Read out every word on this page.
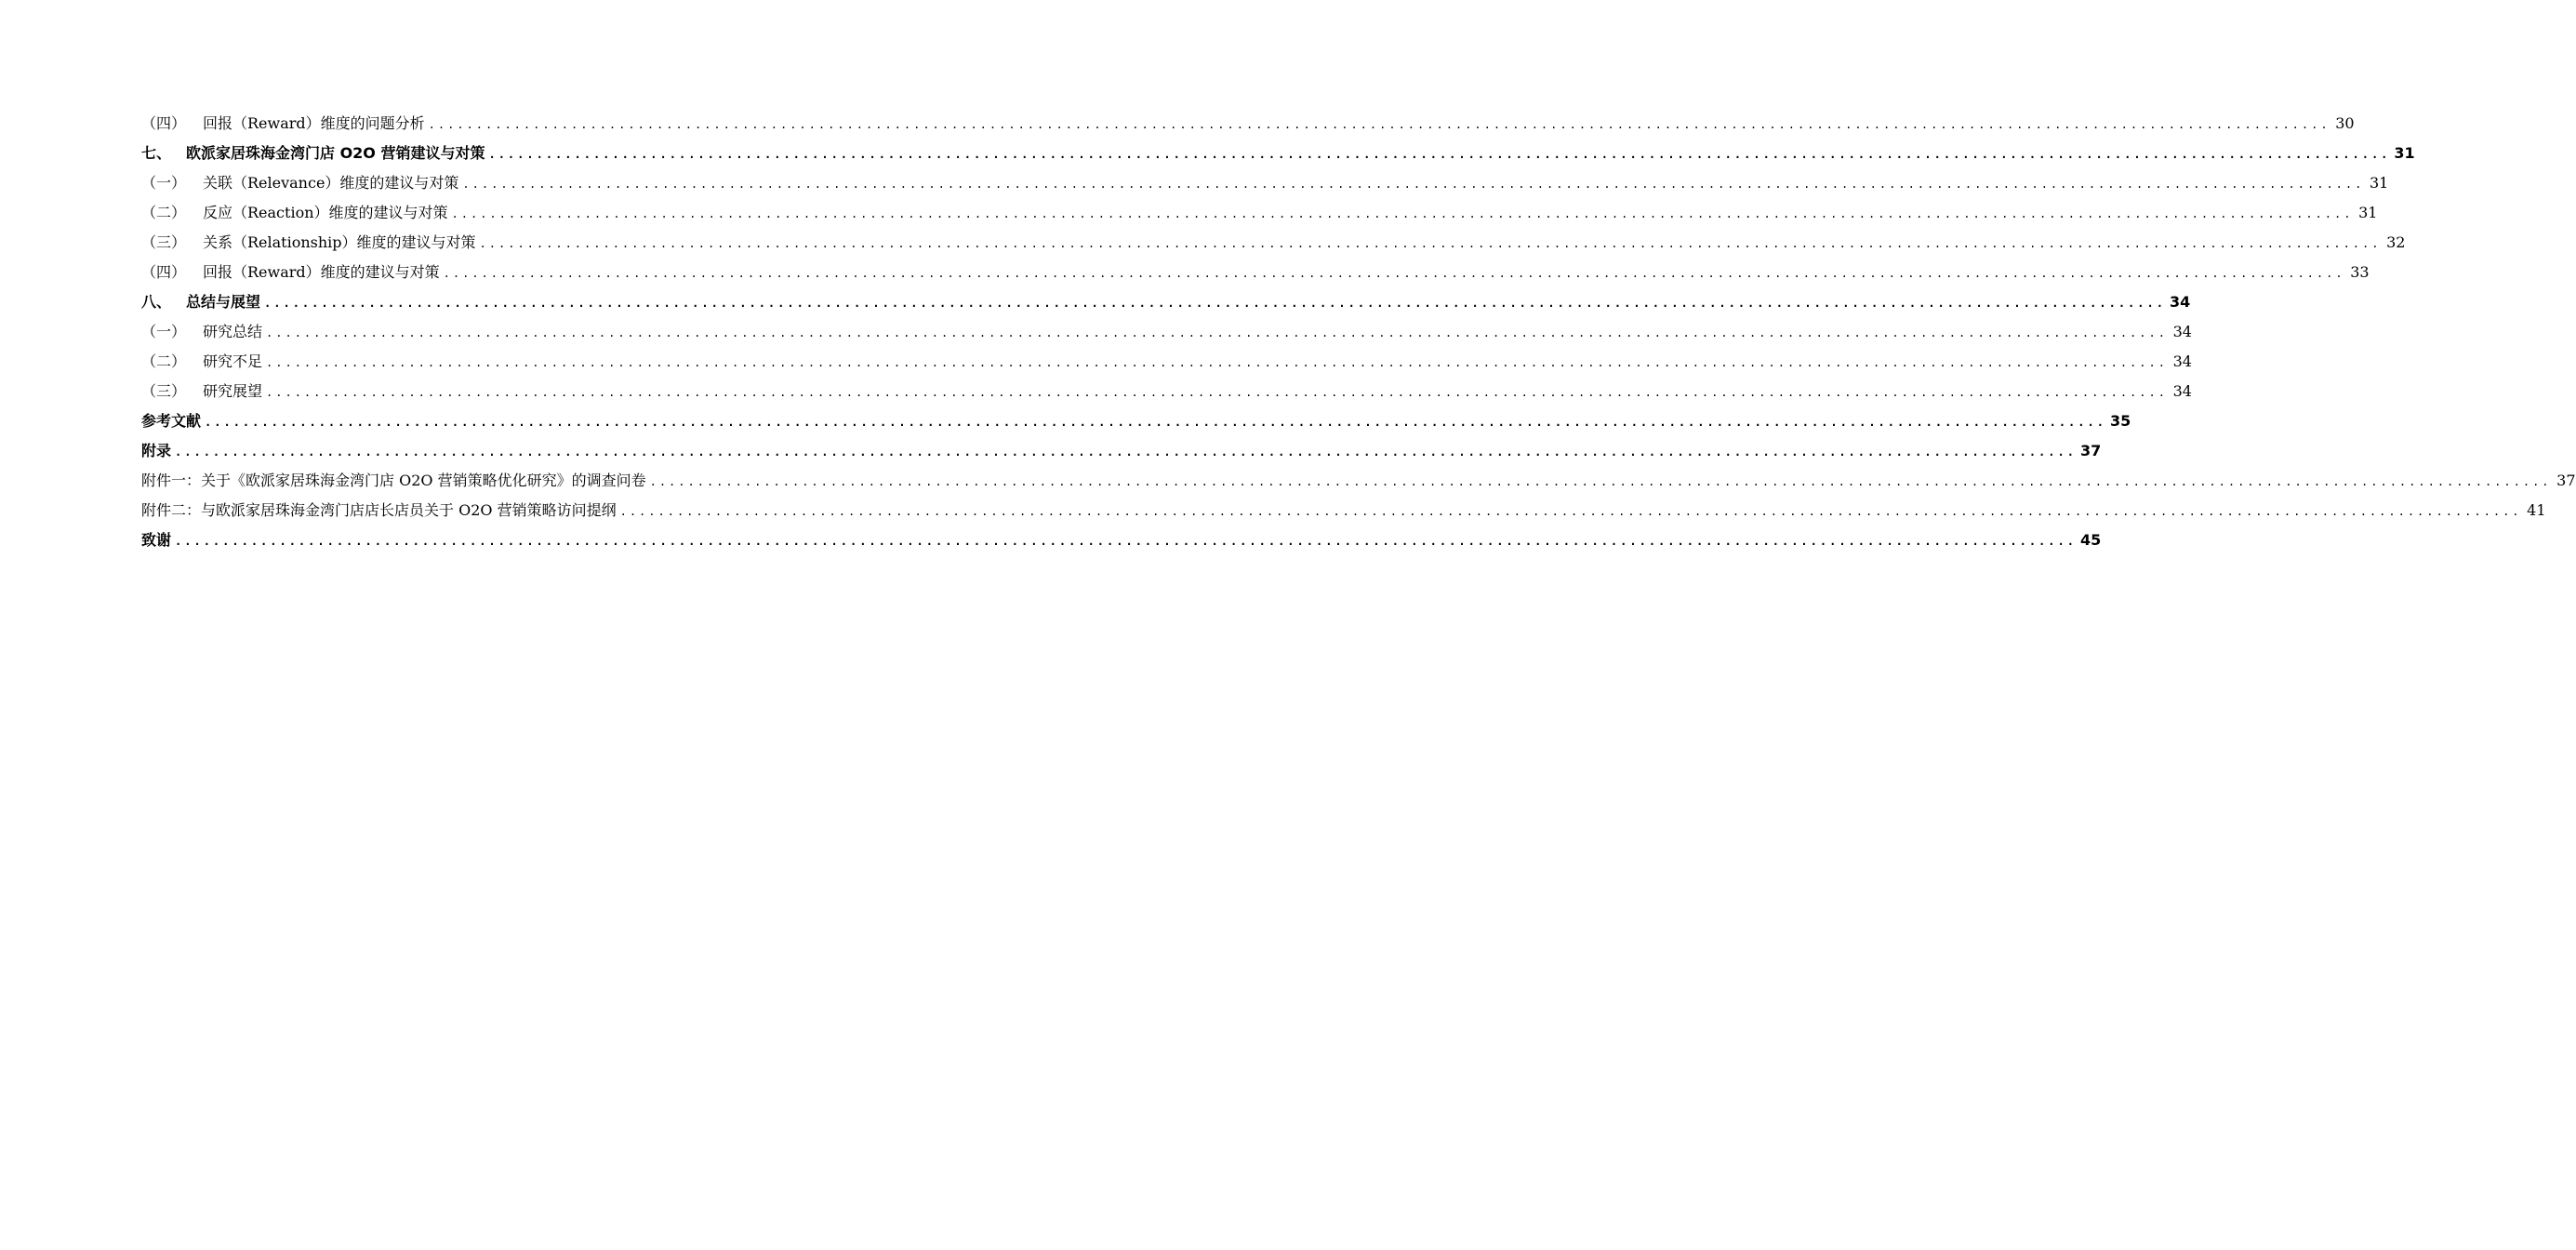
（四）	回报（Reward）维度的问题分析 ........................................................................................................................................................................................................ 30
七、 欧派家居珠海金湾门店 O2O 营销建议与对策 ........................................................................................................................................................................................................ 31
（一）	关联（Relevance）维度的建议与对策 ........................................................................................................................................................................................................ 31
（二）	反应（Reaction）维度的建议与对策 ........................................................................................................................................................................................................ 31
（三）	关系（Relationship）维度的建议与对策 ........................................................................................................................................................................................................ 32
（四）	回报（Reward）维度的建议与对策 ........................................................................................................................................................................................................ 33
八、 总结与展望 ........................................................................................................................................................................................................ 34
（一）	研究总结 ........................................................................................................................................................................................................ 34
（二）	研究不足 ........................................................................................................................................................................................................ 34
（三）	研究展望 ........................................................................................................................................................................................................ 34
参考文献 ........................................................................................................................................................................................................ 35
附录 ........................................................................................................................................................................................................ 37
附件一：关于《欧派家居珠海金湾门店 O2O 营销策略优化研究》的调查问卷 ........................................................................................................................................................................................................ 37
附件二：与欧派家居珠海金湾门店店长店员关于 O2O 营销策略访问提纲 ........................................................................................................................................................................................................ 41
致谢 ........................................................................................................................................................................................................ 45
